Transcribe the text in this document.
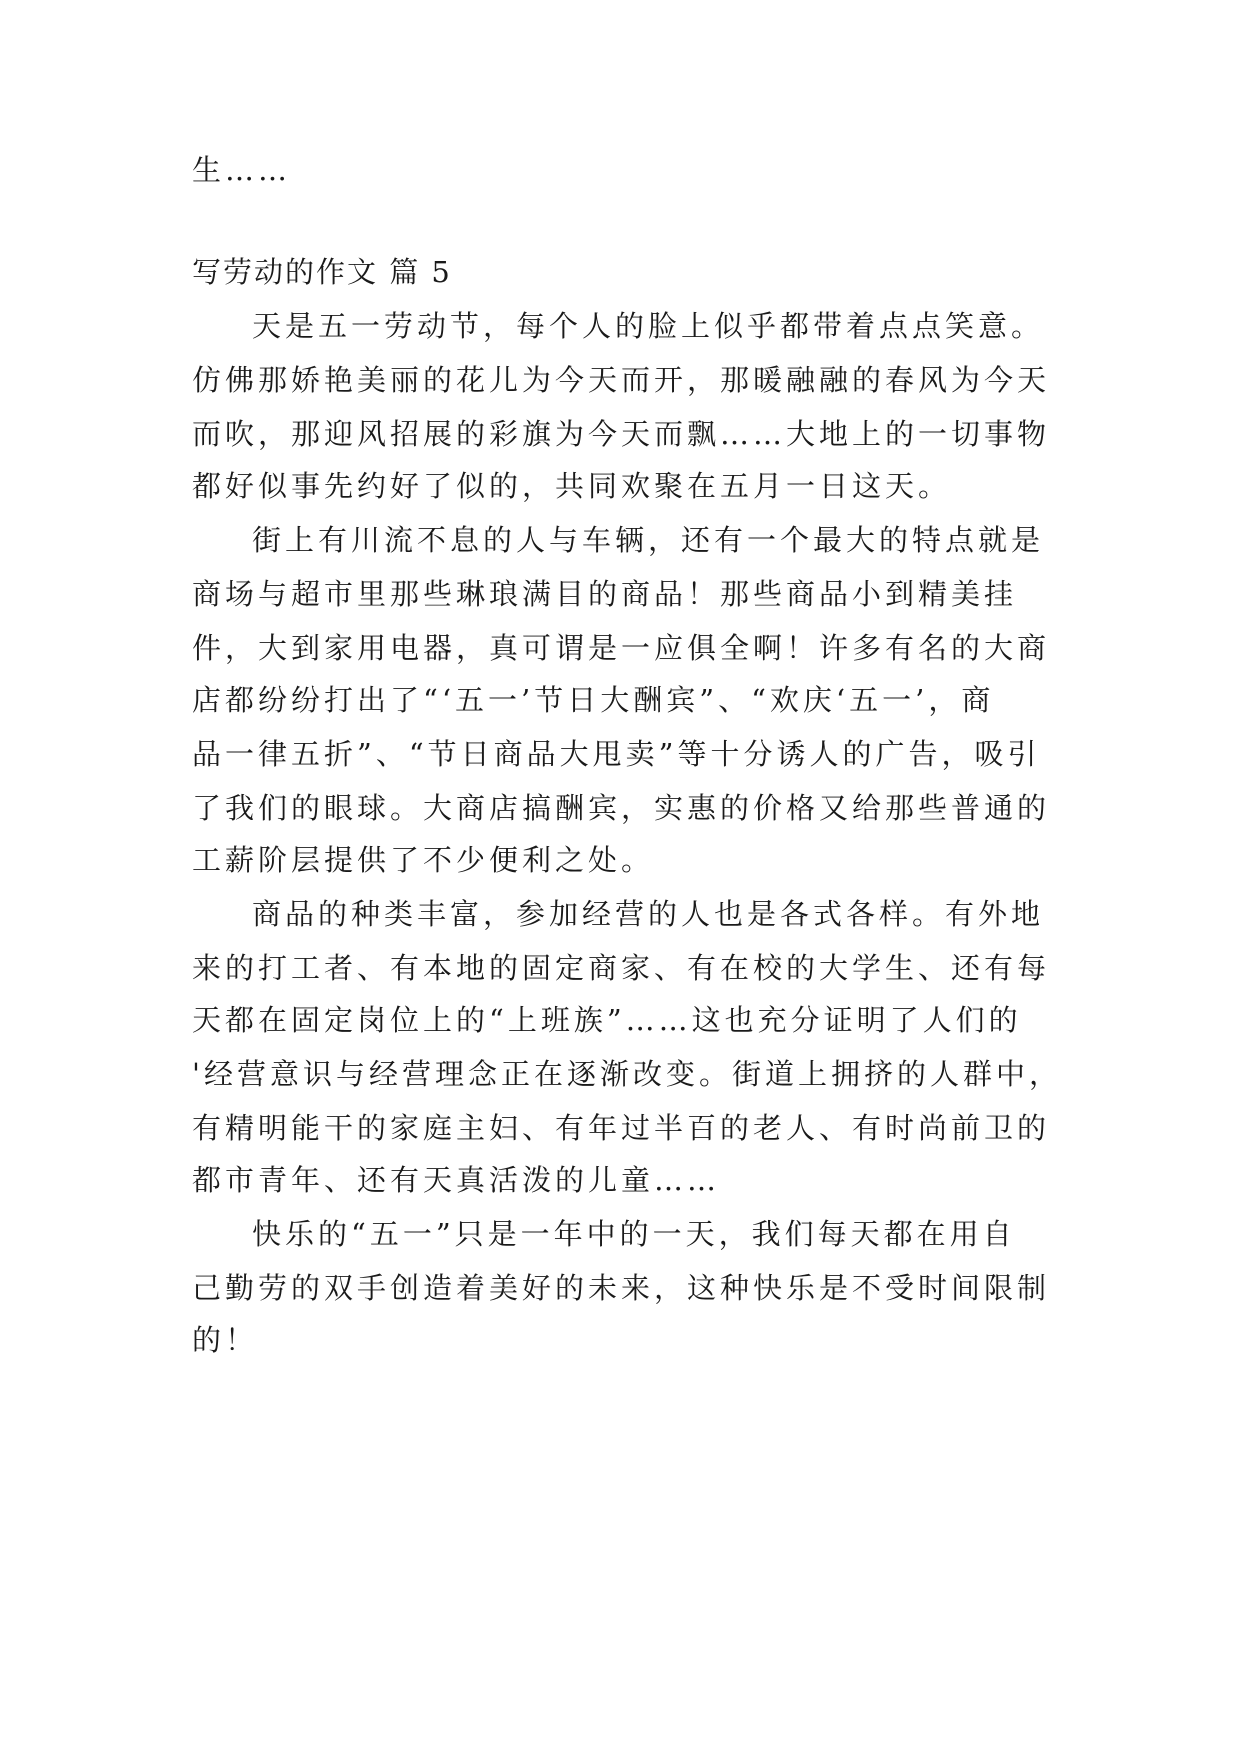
生……
写劳动的作文 篇 5
天是五一劳动节，每个人的脸上似乎都带着点点笑意。
仿佛那娇艳美丽的花儿为今天而开，那暖融融的春风为今天
而吹，那迎风招展的彩旗为今天而飘……大地上的一切事物
都好似事先约好了似的，共同欢聚在五月一日这天。
街上有川流不息的人与车辆，还有一个最大的特点就是
商场与超市里那些琳琅满目的商品！那些商品小到精美挂
件，大到家用电器，真可谓是一应俱全啊！许多有名的大商
店都纷纷打出了“‘五一’节日大酬宾”、“欢庆‘五一’，商
品一律五折”、“节日商品大甩卖”等十分诱人的广告，吸引
了我们的眼球。大商店搞酬宾，实惠的价格又给那些普通的
工薪阶层提供了不少便利之处。
商品的种类丰富，参加经营的人也是各式各样。有外地
来的打工者、有本地的固定商家、有在校的大学生、还有每
天都在固定岗位上的“上班族”……这也充分证明了人们的
'经营意识与经营理念正在逐渐改变。街道上拥挤的人群中，
有精明能干的家庭主妇、有年过半百的老人、有时尚前卫的
都市青年、还有天真活泼的儿童……
快乐的“五一”只是一年中的一天，我们每天都在用自
己勤劳的双手创造着美好的未来，这种快乐是不受时间限制
的！
